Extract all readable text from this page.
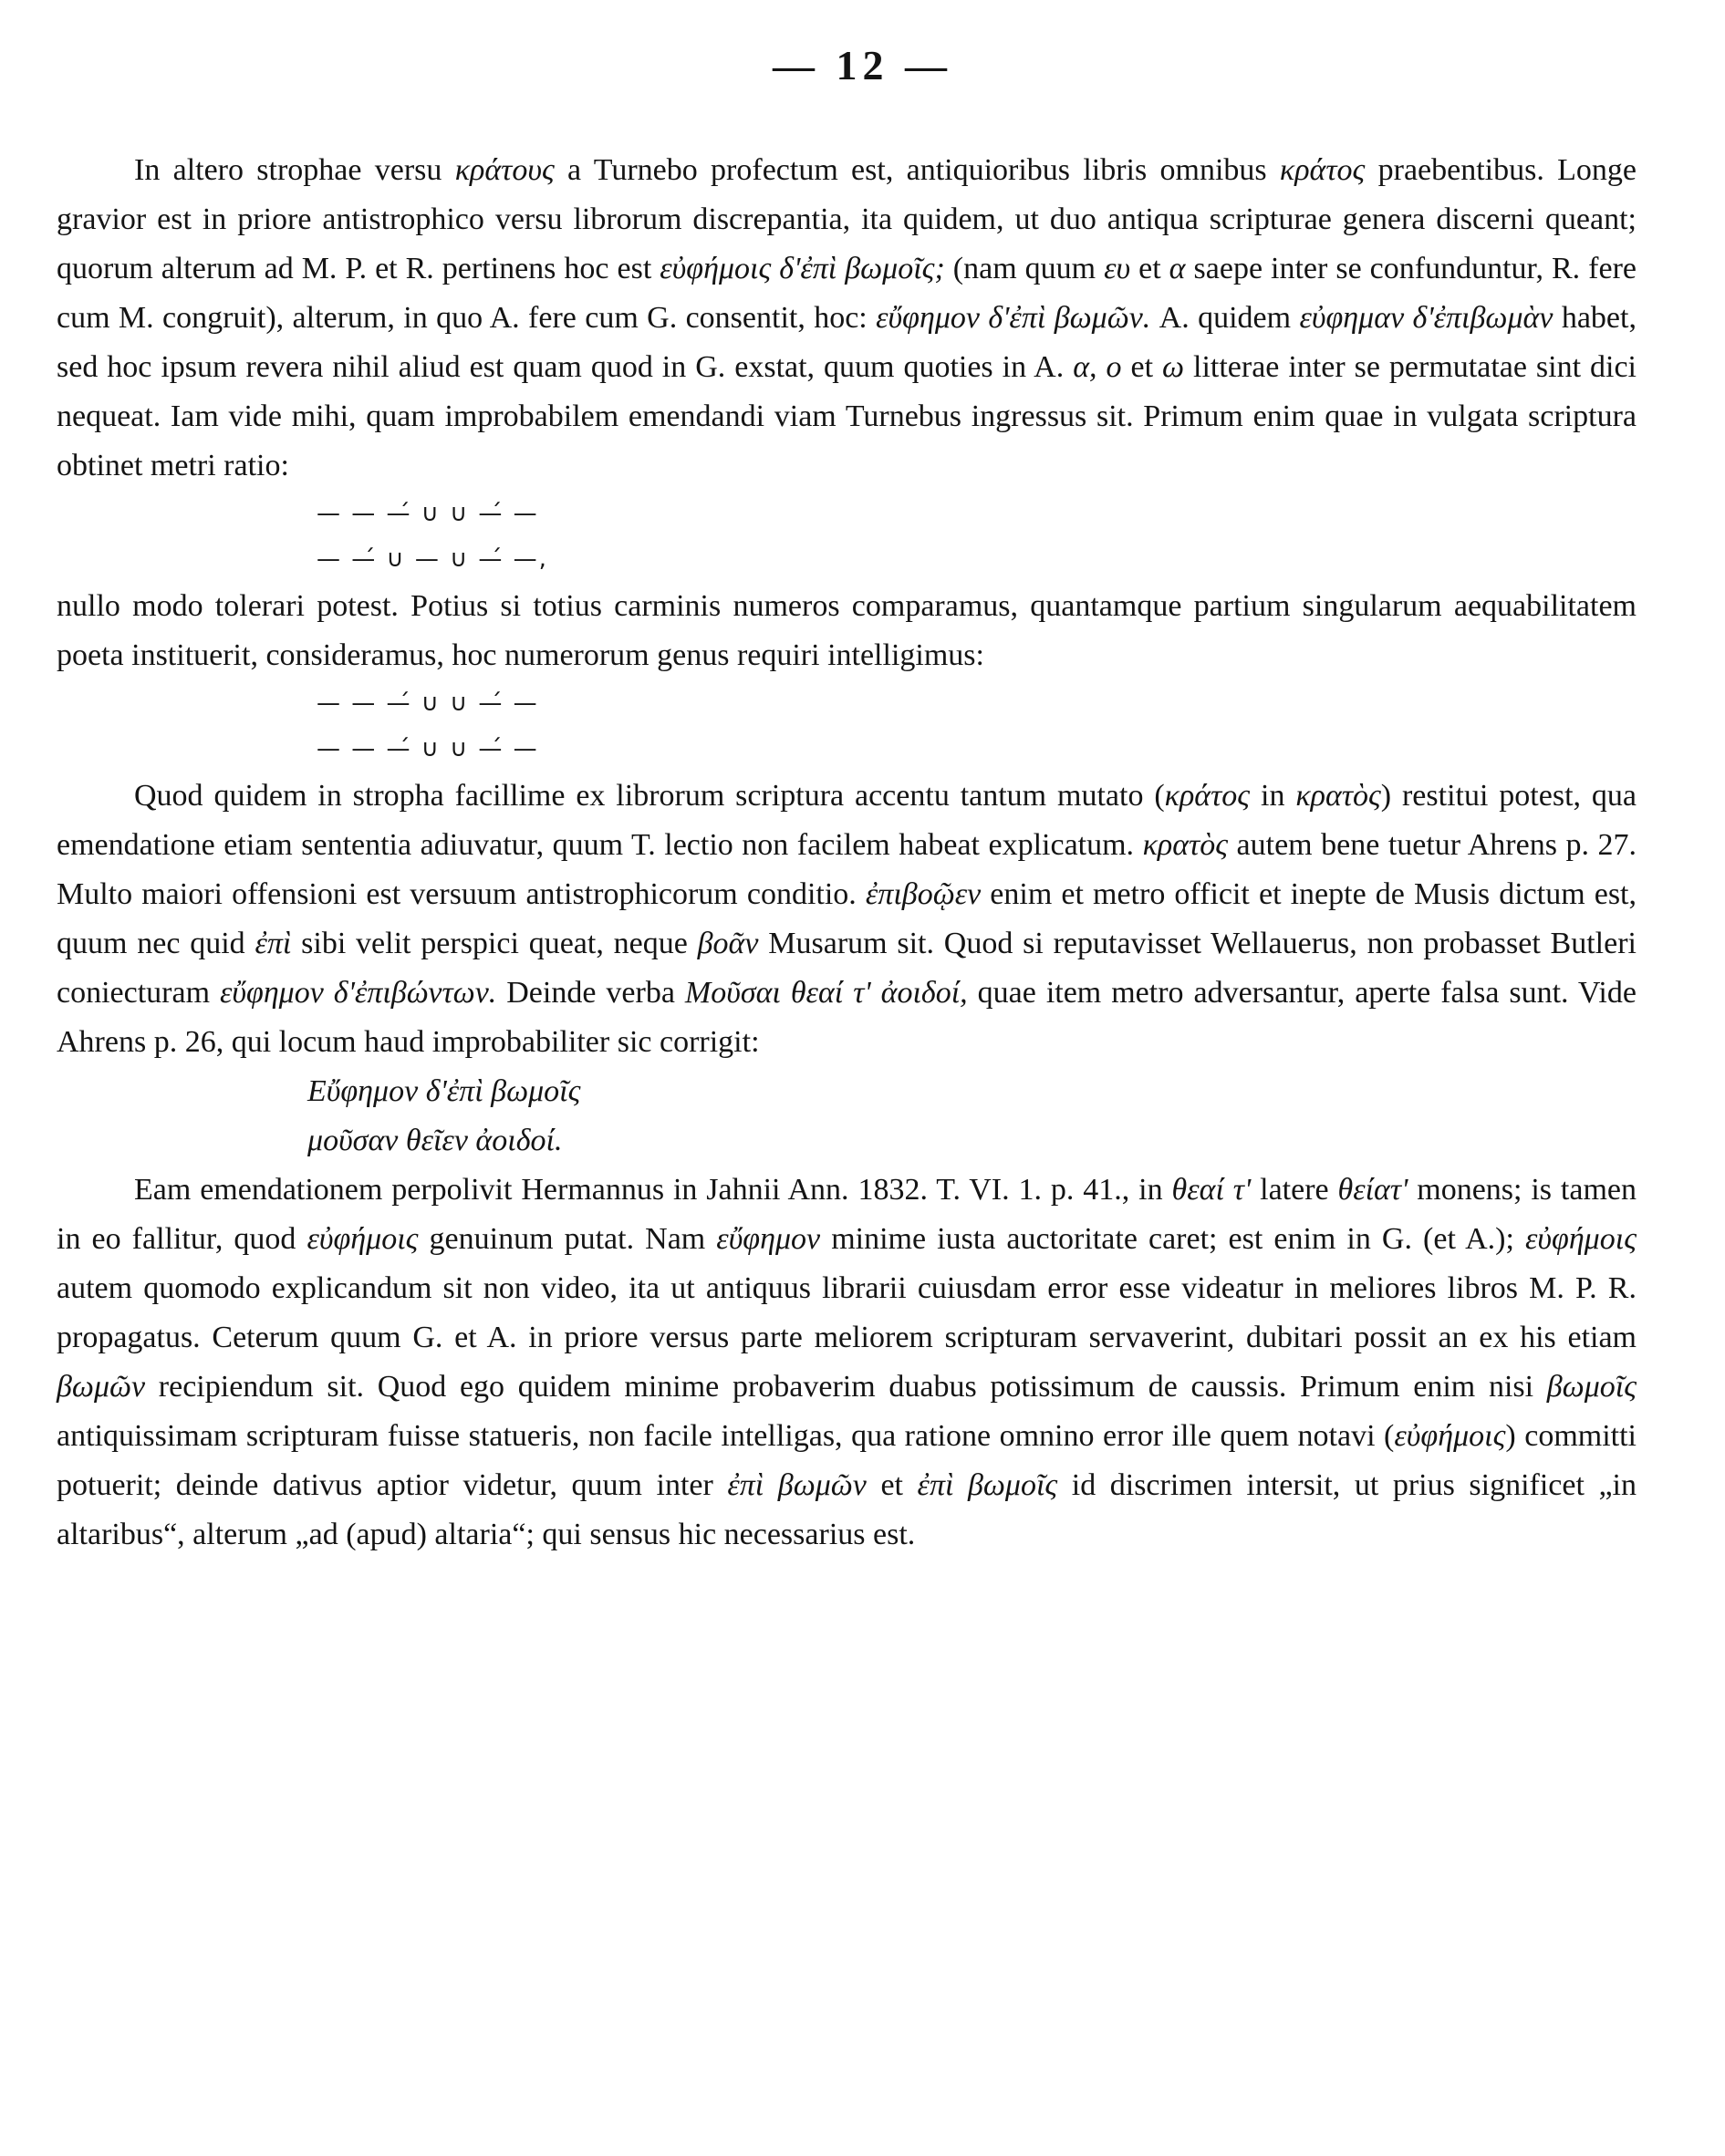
— 12 —

In altero strophae versu κράτους a Turnebo profectum est, antiquioribus libris omnibus κράτος praebentibus. Longe gravior est in priore antistrophico versu librorum discrepantia, ita quidem, ut duo antiqua scripturae genera discerni queant; quorum alterum ad M. P. et R. pertinens hoc est εὐφήμοις δ'ἐπὶ βωμοῖς; (nam quum ευ et α saepe inter se confunduntur, R. fere cum M. congruit), alterum, in quo A. fere cum G. consentit, hoc: εὔφημον δ'ἐπὶ βωμῶν. A. quidem εὐφημαν δ'ἐπιβωμὰν habet, sed hoc ipsum revera nihil aliud est quam quod in G. exstat, quum quoties in A. α, ο et ω litterae inter se permutatae sint dici nequeat. Iam vide mihi, quam improbabilem emendandi viam Turnebus ingressus sit. Primum enim quae in vulgata scriptura obtinet metri ratio:

— — —́ ∪ ∪ —́ —
— —́ ∪ — ∪ —́ —,

nullo modo tolerari potest. Potius si totius carminis numeros comparamus, quantamque partium singularum aequabilitatem poeta instituerit, consideramus, hoc numerorum genus requiri intelligimus:

— — —́ ∪ ∪ —́ —
— — —́ ∪ ∪ —́ —

Quod quidem in stropha facillime ex librorum scriptura accentu tantum mutato (κράτος in κρατὸς) restitui potest, qua emendatione etiam sententia adiuvatur, quum T. lectio non facilem habeat explicatum. κρατὸς autem bene tuetur Ahrens p. 27. Multo maiori offensioni est versuum antistrophicorum conditio. ἐπιβοῷεν enim et metro officit et inepte de Musis dictum est, quum nec quid ἐπὶ sibi velit perspici queat, neque βοᾶν Musarum sit. Quod si reputavisset Wellauerus, non probasset Butleri coniecturam εὔφημον δ'ἐπιβώντων. Deinde verba Μοῦσαι θεαί τ' ἀοιδοί, quae item metro adversantur, aperte falsa sunt. Vide Ahrens p. 26, qui locum haud improbabiliter sic corrigit:

Εὔφημον δ'ἐπὶ βωμοῖς
μοῦσαν θεῖεν ἀοιδοί.

Eam emendationem perpolivit Hermannus in Jahnii Ann. 1832. T. VI. 1. p. 41., in θεαί τ' latere θείατ' monens; is tamen in eo fallitur, quod εὐφήμοις genuinum putat. Nam εὔφημον minime iusta auctoritate caret; est enim in G. (et A.); εὐφήμοις autem quomodo explicandum sit non video, ita ut antiquus librarii cuiusdam error esse videatur in meliores libros M. P. R. propagatus. Ceterum quum G. et A. in priore versus parte meliorem scripturam servaverint, dubitari possit an ex his etiam βωμῶν recipiendum sit. Quod ego quidem minime probaverim duabus potissimum de caussis. Primum enim nisi βωμοῖς antiquissimam scripturam fuisse statueris, non facile intelligas, qua ratione omnino error ille quem notavi (εὐφήμοις) committi potuerit; deinde dativus aptior videtur, quum inter ἐπὶ βωμῶν et ἐπὶ βωμοῖς id discrimen intersit, ut prius significet „in altaribus“, alterum „ad (apud) altaria“; qui sensus hic necessarius est.
